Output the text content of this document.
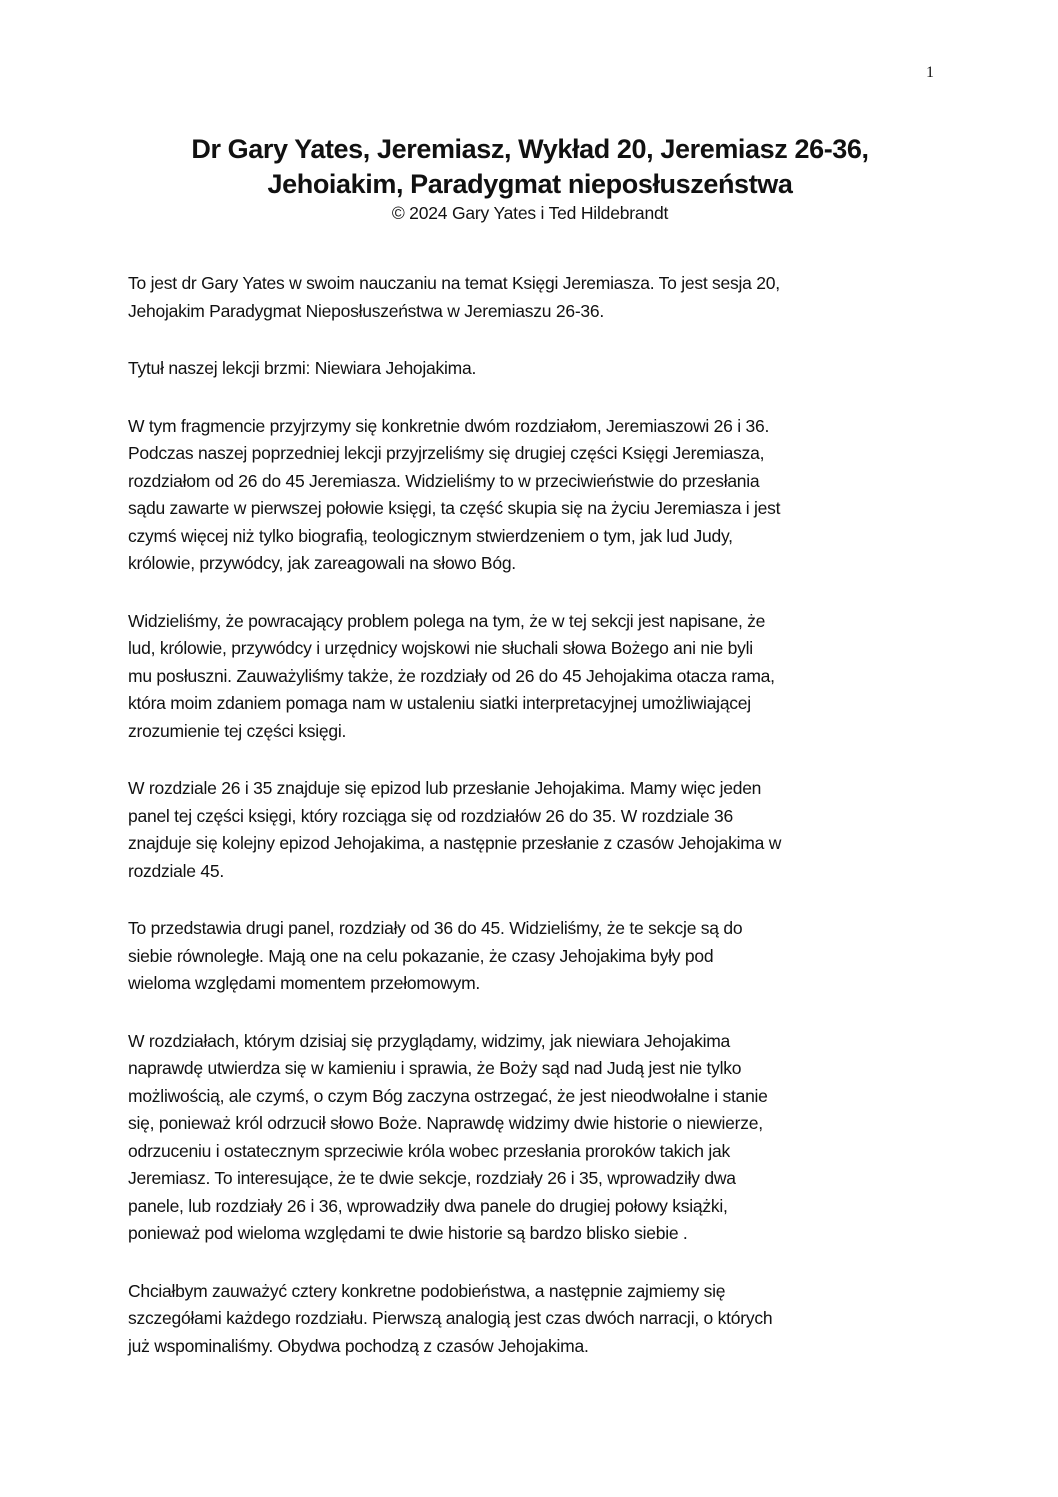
1
Dr Gary Yates, Jeremiasz, Wykład 20, Jeremiasz 26-36,
Jehoiakim, Paradygmat nieposłuszeństwa

© 2024 Gary Yates i Ted Hildebrandt

To jest dr Gary Yates w swoim nauczaniu na temat Księgi Jeremiasza. To jest sesja 20,
Jehojakim Paradygmat Nieposłuszeństwa w Jeremiaszu 26-36.

Tytuł naszej lekcji brzmi: Niewiara Jehojakima.

W tym fragmencie przyjrzymy się konkretnie dwóm rozdziałom, Jeremiaszowi 26 i 36.
Podczas naszej poprzedniej lekcji przyjrzeliśmy się drugiej części Księgi Jeremiasza,
rozdziałom od 26 do 45 Jeremiasza. Widzieliśmy to w przeciwieństwie do przesłania
sądu zawarte w pierwszej połowie księgi, ta część skupia się na życiu Jeremiasza i jest
czymś więcej niż tylko biografią, teologicznym stwierdzeniem o tym, jak lud Judy,
królowie, przywódcy, jak zareagowali na słowo Bóg.

Widzieliśmy, że powracający problem polega na tym, że w tej sekcji jest napisane, że
lud, królowie, przywódcy i urzędnicy wojskowi nie słuchali słowa Bożego ani nie byli
mu posłuszni. Zauważyliśmy także, że rozdziały od 26 do 45 Jehojakima otacza rama,
która moim zdaniem pomaga nam w ustaleniu siatki interpretacyjnej umożliwiającej
zrozumienie tej części księgi.

W rozdziale 26 i 35 znajduje się epizod lub przesłanie Jehojakima. Mamy więc jeden
panel tej części księgi, który rozciąga się od rozdziałów 26 do 35. W rozdziale 36
znajduje się kolejny epizod Jehojakima, a następnie przesłanie z czasów Jehojakima w
rozdziale 45.

To przedstawia drugi panel, rozdziały od 36 do 45. Widzieliśmy, że te sekcje są do
siebie równoległe. Mają one na celu pokazanie, że czasy Jehojakima były pod
wieloma względami momentem przełomowym.

W rozdziałach, którym dzisiaj się przyglądamy, widzimy, jak niewiara Jehojakima
naprawdę utwierdza się w kamieniu i sprawia, że Boży sąd nad Judą jest nie tylko
możliwością, ale czymś, o czym Bóg zaczyna ostrzegać, że jest nieodwołalne i stanie
się, ponieważ król odrzucił słowo Boże. Naprawdę widzimy dwie historie o niewierze,
odrzuceniu i ostatecznym sprzeciwie króla wobec przesłania proroków takich jak
Jeremiasz. To interesujące, że te dwie sekcje, rozdziały 26 i 35, wprowadziły dwa
panele, lub rozdziały 26 i 36, wprowadziły dwa panele do drugiej połowy książki,
ponieważ pod wieloma względami te dwie historie są bardzo blisko siebie .

Chciałbym zauważyć cztery konkretne podobieństwa, a następnie zajmiemy się
szczegółami każdego rozdziału. Pierwszą analogią jest czas dwóch narracji, o których
już wspominaliśmy. Obydwa pochodzą z czasów Jehojakima.
